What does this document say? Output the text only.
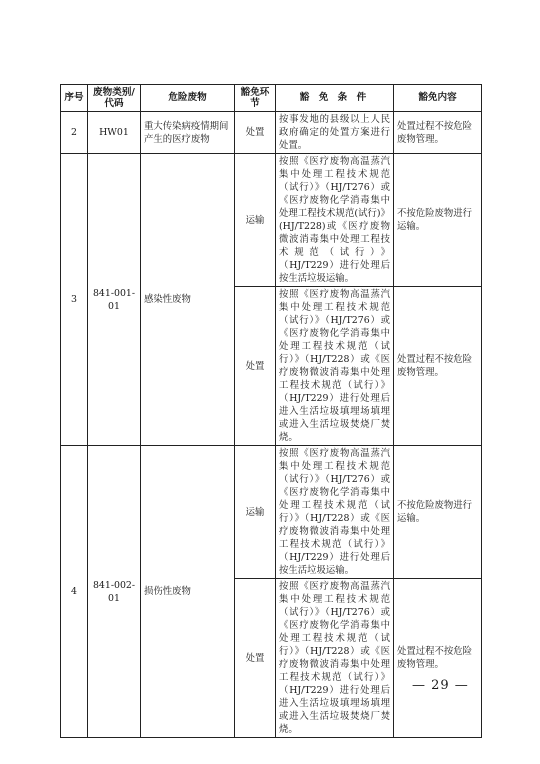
序号	废物类别/代码	危险废物	豁免环节	豁 免 条 件	豁免内容
2	HW01	重大传染病疫情期间产生的医疗废物	处置	按事发地的县级以上人民政府确定的处置方案进行处置。	处置过程不按危险废物管理。
3	841-001-01	感染性废物	运输	按照《医疗废物高温蒸汽集中处理工程技术规范（试行）》（HJ/T276）或《医疗废物化学消毒集中处理工程技术规范(试行)》(HJ/T228)或《医疗废物微波消毒集中处理工程技术规范（试行）》（HJ/T229）进行处理后按生活垃圾运输。	不按危险废物进行运输。
			处置	按照《医疗废物高温蒸汽集中处理工程技术规范（试行）》（HJ/T276）或《医疗废物化学消毒集中处理工程技术规范（试行）》（HJ/T228）或《医疗废物微波消毒集中处理工程技术规范（试行）》（HJ/T229）进行处理后进入生活垃圾填埋场填埋或进入生活垃圾焚烧厂焚烧。	处置过程不按危险废物管理。
4	841-002-01	损伤性废物	运输	按照《医疗废物高温蒸汽集中处理工程技术规范（试行）》（HJ/T276）或《医疗废物化学消毒集中处理工程技术规范（试行）》（HJ/T228）或《医疗废物微波消毒集中处理工程技术规范（试行）》（HJ/T229）进行处理后按生活垃圾运输。	不按危险废物进行运输。
			处置	按照《医疗废物高温蒸汽集中处理工程技术规范（试行）》（HJ/T276）或《医疗废物化学消毒集中处理工程技术规范（试行）》（HJ/T228）或《医疗废物微波消毒集中处理工程技术规范（试行）》（HJ/T229）进行处理后进入生活垃圾填埋场填埋或进入生活垃圾焚烧厂焚烧。	处置过程不按危险废物管理。
— 29 —
